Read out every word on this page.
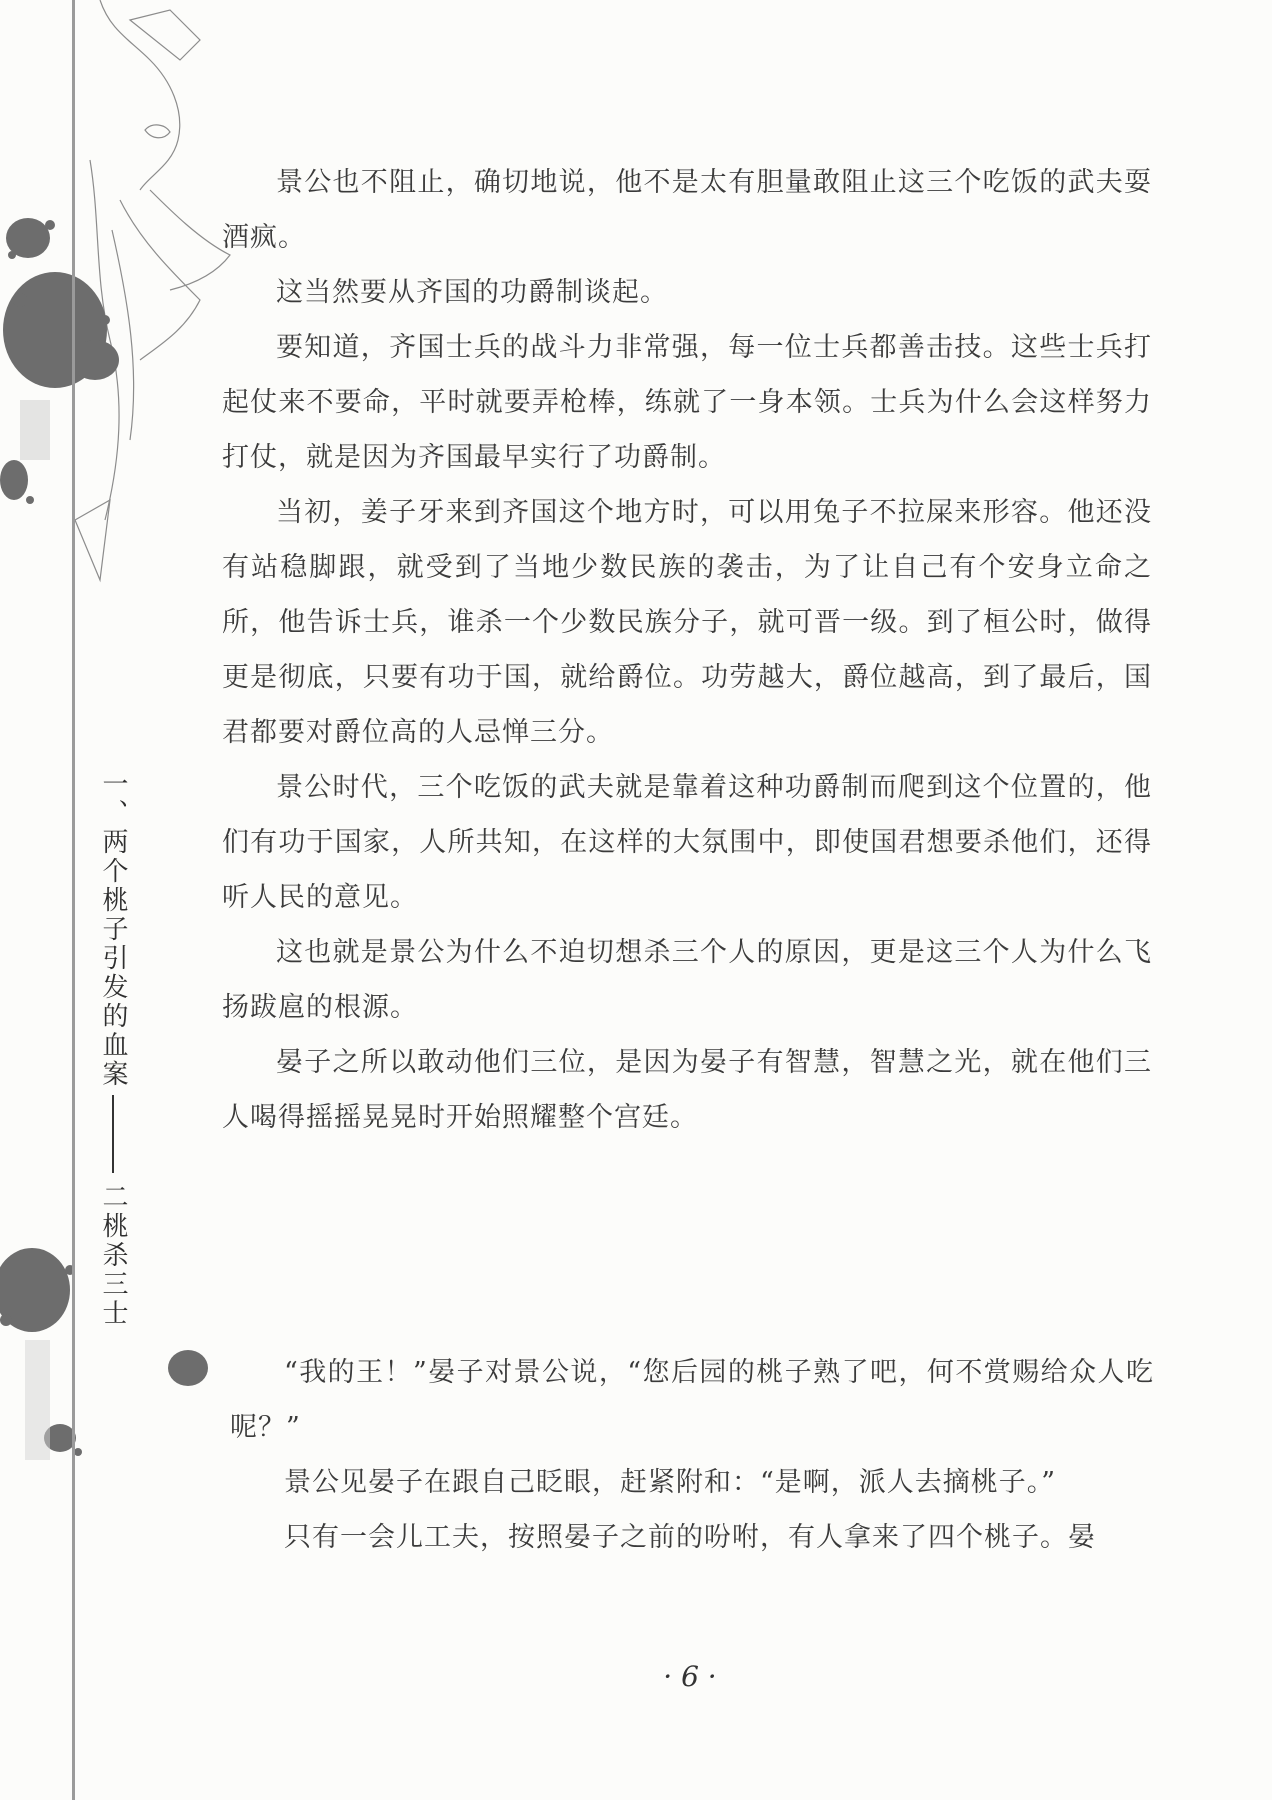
一、两个桃子引发的血案
二桃杀三士

景公也不阻止，确切地说，他不是太有胆量敢阻止这三个吃饭的武夫耍酒疯。

这当然要从齐国的功爵制谈起。

要知道，齐国士兵的战斗力非常强，每一位士兵都善击技。这些士兵打起仗来不要命，平时就要弄枪棒，练就了一身本领。士兵为什么会这样努力打仗，就是因为齐国最早实行了功爵制。

当初，姜子牙来到齐国这个地方时，可以用兔子不拉屎来形容。他还没有站稳脚跟，就受到了当地少数民族的袭击，为了让自己有个安身立命之所，他告诉士兵，谁杀一个少数民族分子，就可晋一级。到了桓公时，做得更是彻底，只要有功于国，就给爵位。功劳越大，爵位越高，到了最后，国君都要对爵位高的人忌惮三分。

景公时代，三个吃饭的武夫就是靠着这种功爵制而爬到这个位置的，他们有功于国家，人所共知，在这样的大氛围中，即使国君想要杀他们，还得听人民的意见。

这也就是景公为什么不迫切想杀三个人的原因，更是这三个人为什么飞扬跋扈的根源。

晏子之所以敢动他们三位，是因为晏子有智慧，智慧之光，就在他们三人喝得摇摇晃晃时开始照耀整个宫廷。

“我的王！”晏子对景公说，“您后园的桃子熟了吧，何不赏赐给众人吃呢？”

景公见晏子在跟自己眨眼，赶紧附和：“是啊，派人去摘桃子。”

只有一会儿工夫，按照晏子之前的吩咐，有人拿来了四个桃子。晏

· 6 ·
